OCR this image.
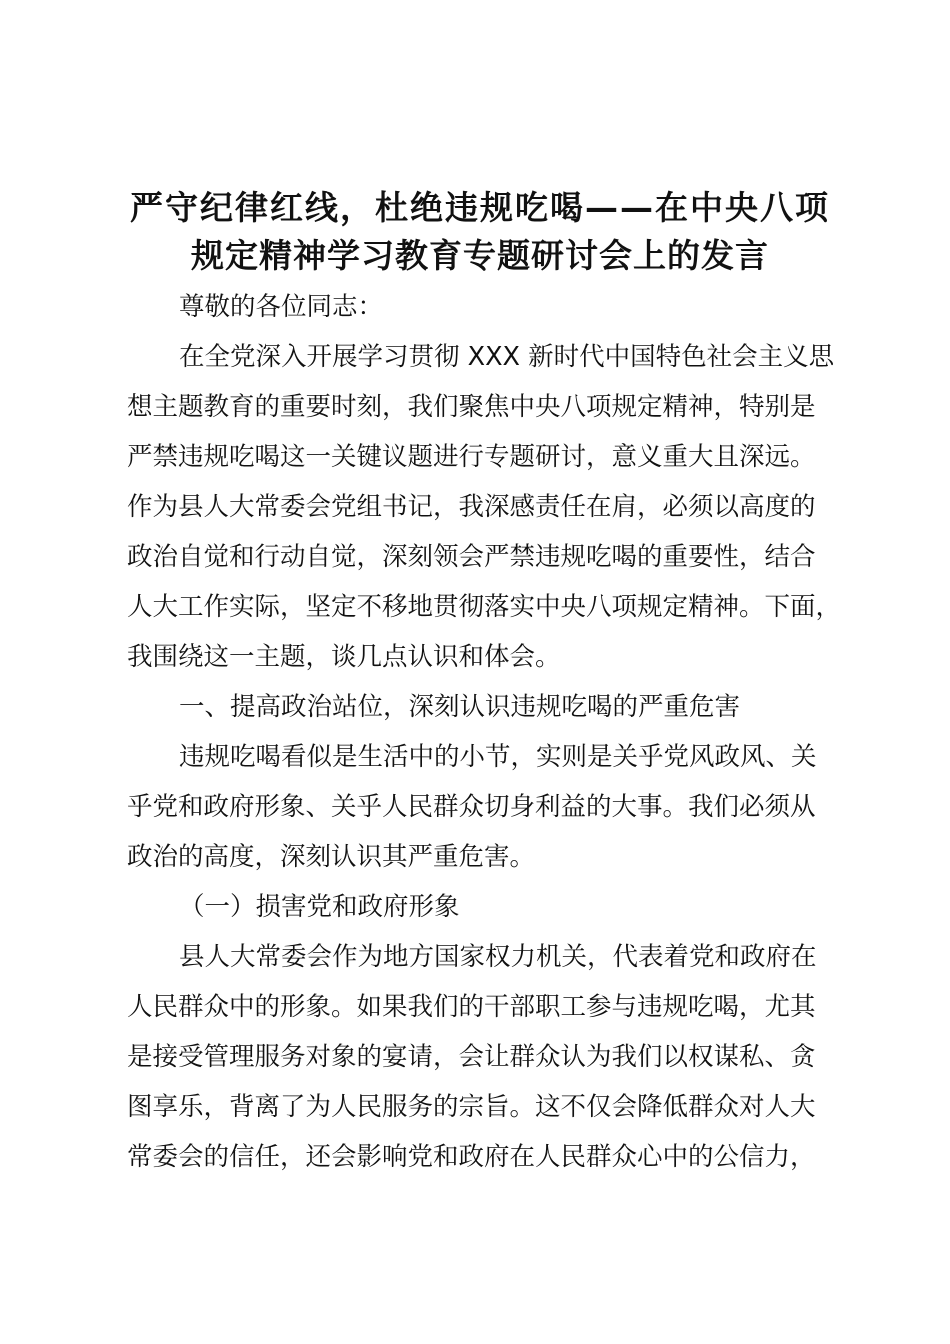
严守纪律红线，杜绝违规吃喝——在中央八项
规定精神学习教育专题研讨会上的发言

尊敬的各位同志：

在全党深入开展学习贯彻 XXX 新时代中国特色社会主义思
想主题教育的重要时刻，我们聚焦中央八项规定精神，特别是
严禁违规吃喝这一关键议题进行专题研讨，意义重大且深远。
作为县人大常委会党组书记，我深感责任在肩，必须以高度的
政治自觉和行动自觉，深刻领会严禁违规吃喝的重要性，结合
人大工作实际，坚定不移地贯彻落实中央八项规定精神。下面，
我围绕这一主题，谈几点认识和体会。

一、提高政治站位，深刻认识违规吃喝的严重危害

违规吃喝看似是生活中的小节，实则是关乎党风政风、关
乎党和政府形象、关乎人民群众切身利益的大事。我们必须从
政治的高度，深刻认识其严重危害。

（一）损害党和政府形象

县人大常委会作为地方国家权力机关，代表着党和政府在
人民群众中的形象。如果我们的干部职工参与违规吃喝，尤其
是接受管理服务对象的宴请，会让群众认为我们以权谋私、贪
图享乐，背离了为人民服务的宗旨。这不仅会降低群众对人大
常委会的信任，还会影响党和政府在人民群众心中的公信力，
